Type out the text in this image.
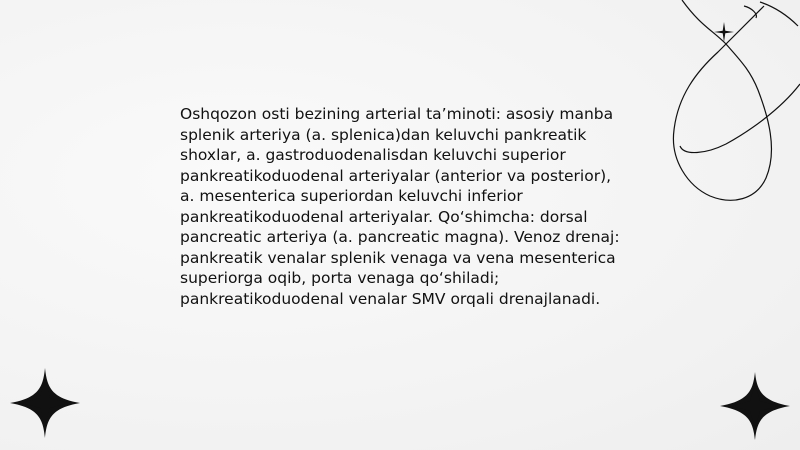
Oshqozon osti bezining arterial ta’minoti: asosiy manba splenik arteriya (a. splenica)dan keluvchi pankreatik shoxlar, a. gastroduodenalisdan keluvchi superior pankreatikoduodenal arteriyalar (anterior va posterior), a. mesenterica superiordan keluvchi inferior pankreatikoduodenal arteriyalar. Qo‘shimcha: dorsal pancreatic arteriya (a. pancreatic magna). Venoz drenaj: pankreatik venalar splenik venaga va vena mesenterica superiorga oqib, porta venaga qo‘shiladi; pankreatikoduodenal venalar SMV orqali drenajlanadi.
